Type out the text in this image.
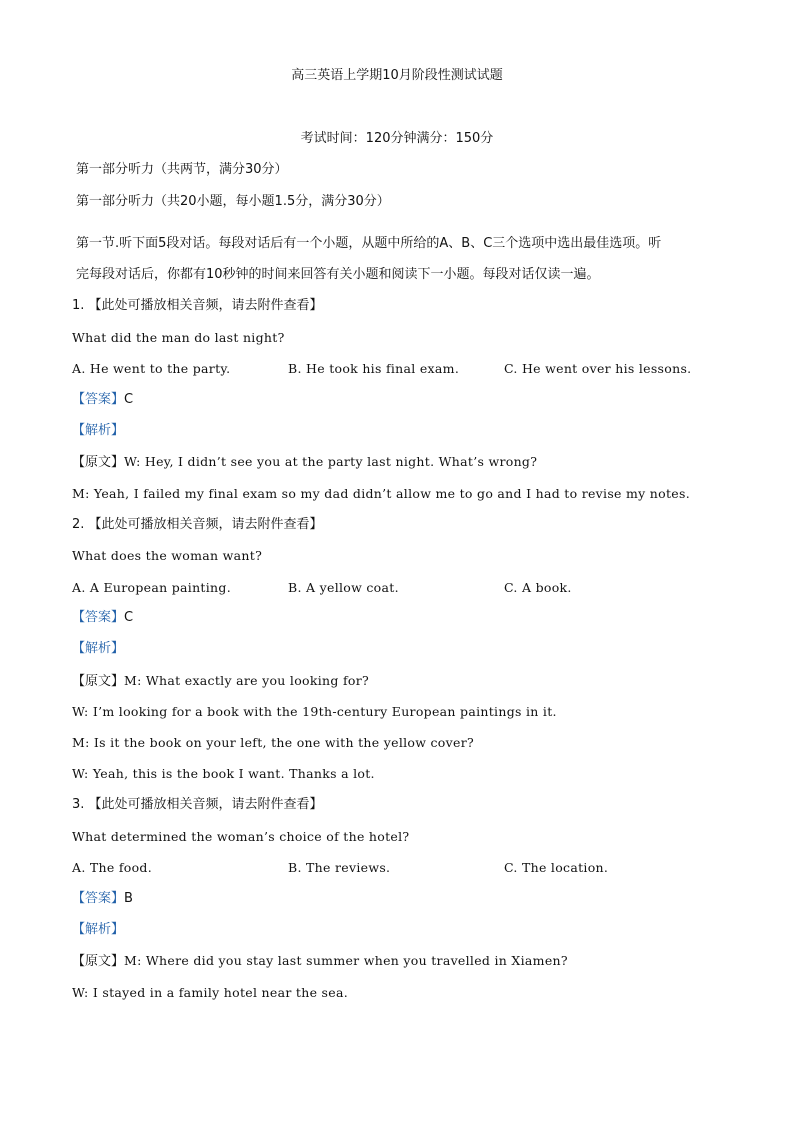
高三英语上学期10月阶段性测试试题
考试时间：120分钟满分：150分
第一部分听力（共两节，满分30分）
第一部分听力（共20小题，每小题1.5分，满分30分）
第一节.听下面5段对话。每段对话后有一个小题，从题中所给的A、B、C三个选项中选出最佳选项。听
完每段对话后，你都有10秒钟的时间来回答有关小题和阅读下一小题。每段对话仅读一遍。
1. 【此处可播放相关音频，请去附件查看】
What did the man do last night?
A. He went to the party.	B. He took his final exam.	C. He went over his lessons.
【答案】C
【解析】
【原文】W: Hey, I didn’t see you at the party last night. What’s wrong?
M: Yeah, I failed my final exam so my dad didn’t allow me to go and I had to revise my notes.
2. 【此处可播放相关音频，请去附件查看】
What does the woman want?
A. A European painting.	B. A yellow coat.	C. A book.
【答案】C
【解析】
【原文】M: What exactly are you looking for?
W: I’m looking for a book with the 19th-century European paintings in it.
M: Is it the book on your left, the one with the yellow cover?
W: Yeah, this is the book I want. Thanks a lot.
3. 【此处可播放相关音频，请去附件查看】
What determined the woman’s choice of the hotel?
A. The food.	B. The reviews.	C. The location.
【答案】B
【解析】
【原文】M: Where did you stay last summer when you travelled in Xiamen?
W: I stayed in a family hotel near the sea.
